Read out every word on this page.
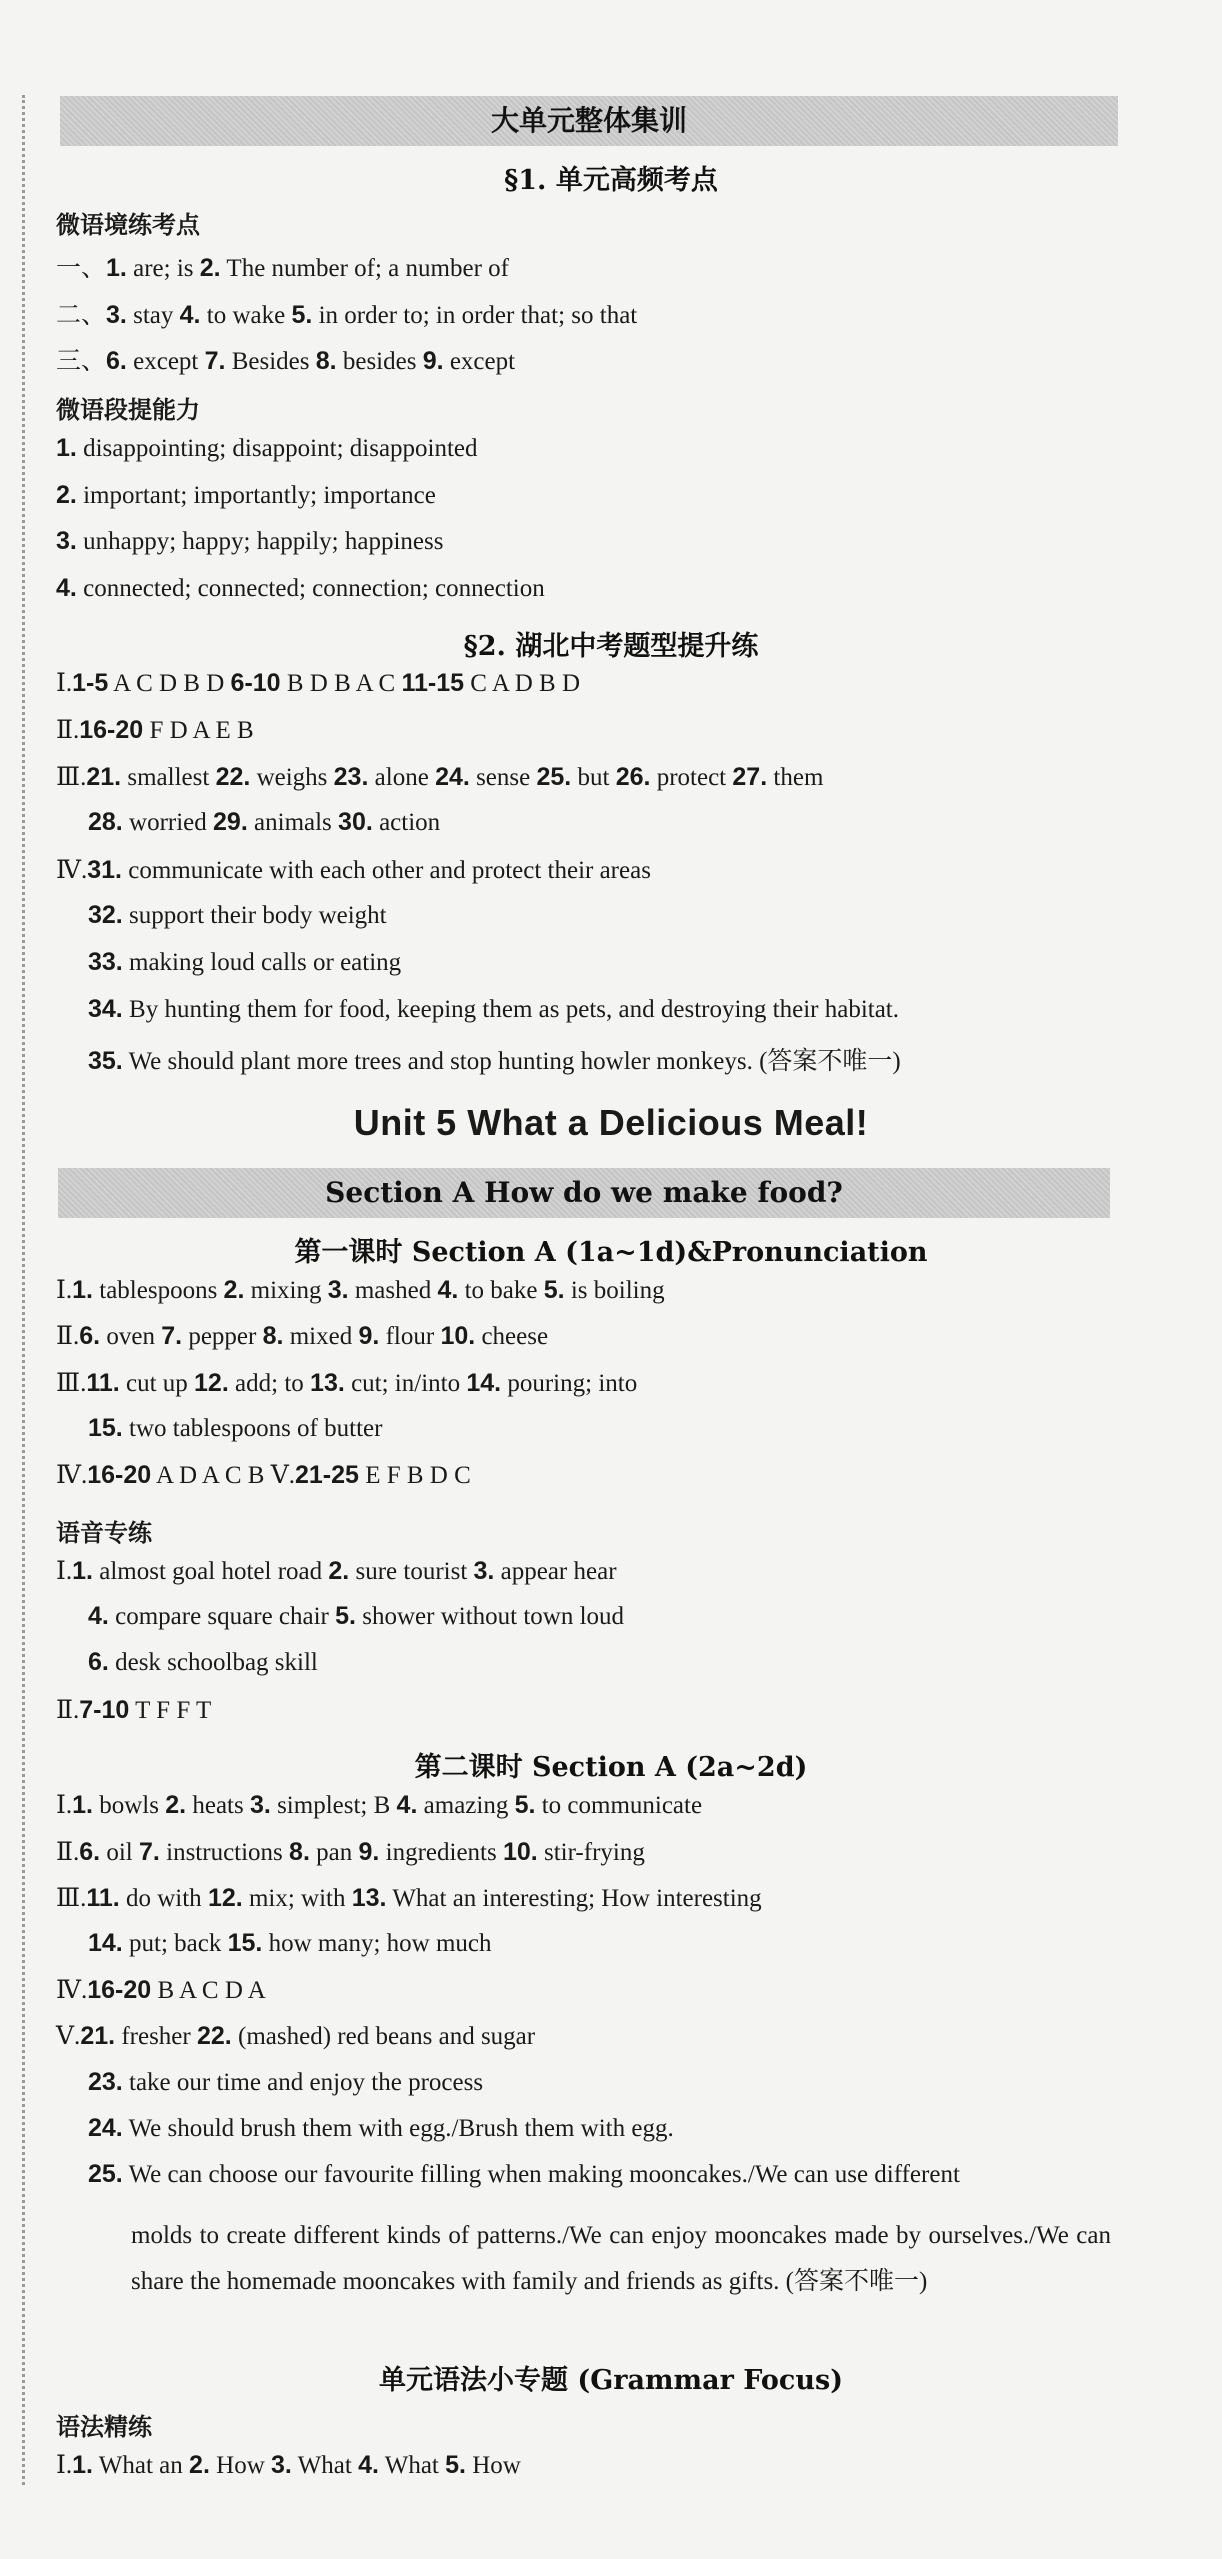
大单元整体集训
§1. 单元高频考点
微语境练考点
一、1. are; is 2. The number of; a number of
二、3. stay 4. to wake 5. in order to; in order that; so that
三、6. except 7. Besides 8. besides 9. except
1. disappointing; disappoint; disappointed
2. important; importantly; importance
3. unhappy; happy; happily; happiness
4. connected; connected; connection; connection
Ⅰ.1-5 A C D B D 6-10 B D B A C 11-15 C A D B D
Ⅱ.16-20 F D A E B
Ⅲ.21. smallest 22. weighs 23. alone 24. sense 25. but 26. protect 27. them
28. worried 29. animals 30. action
Ⅳ.31. communicate with each other and protect their areas
32. support their body weight
33. making loud calls or eating
34. By hunting them for food, keeping them as pets, and destroying their habitat.
35. We should plant more trees and stop hunting howler monkeys. (答案不唯一)
Ⅰ.1. tablespoons 2. mixing 3. mashed 4. to bake 5. is boiling
Ⅱ.6. oven 7. pepper 8. mixed 9. flour 10. cheese
Ⅲ.11. cut up 12. add; to 13. cut; in/into 14. pouring; into
15. two tablespoons of butter
Ⅳ.16-20 A D A C B Ⅴ.21-25 E F B D C
Ⅰ.1. almost goal hotel road 2. sure tourist 3. appear hear
4. compare square chair 5. shower without town loud
6. desk schoolbag skill
Ⅱ.7-10 T F F T
Ⅰ.1. bowls 2. heats 3. simplest; B 4. amazing 5. to communicate
Ⅱ.6. oil 7. instructions 8. pan 9. ingredients 10. stir-frying
Ⅲ.11. do with 12. mix; with 13. What an interesting; How interesting
14. put; back 15. how many; how much
Ⅳ.16-20 B A C D A
Ⅴ.21. fresher 22. (mashed) red beans and sugar
23. take our time and enjoy the process
24. We should brush them with egg./Brush them with egg.
25. We can choose our favourite filling when making mooncakes./We can use different
Ⅰ.1. What an 2. How 3. What 4. What 5. How
Unit 5 What a Delicious Meal!
Section A How do we make food?
第一课时 Section A (1a~1d)&Pronunciation
语音专练
第二课时 Section A (2a~2d)
molds to create different kinds of patterns./We can enjoy mooncakes made by ourselves./We can share the homemade mooncakes with family and friends as gifts. (答案不唯一)
单元语法小专题 (Grammar Focus)
语法精练
微语段提能力
§2. 湖北中考题型提升练
